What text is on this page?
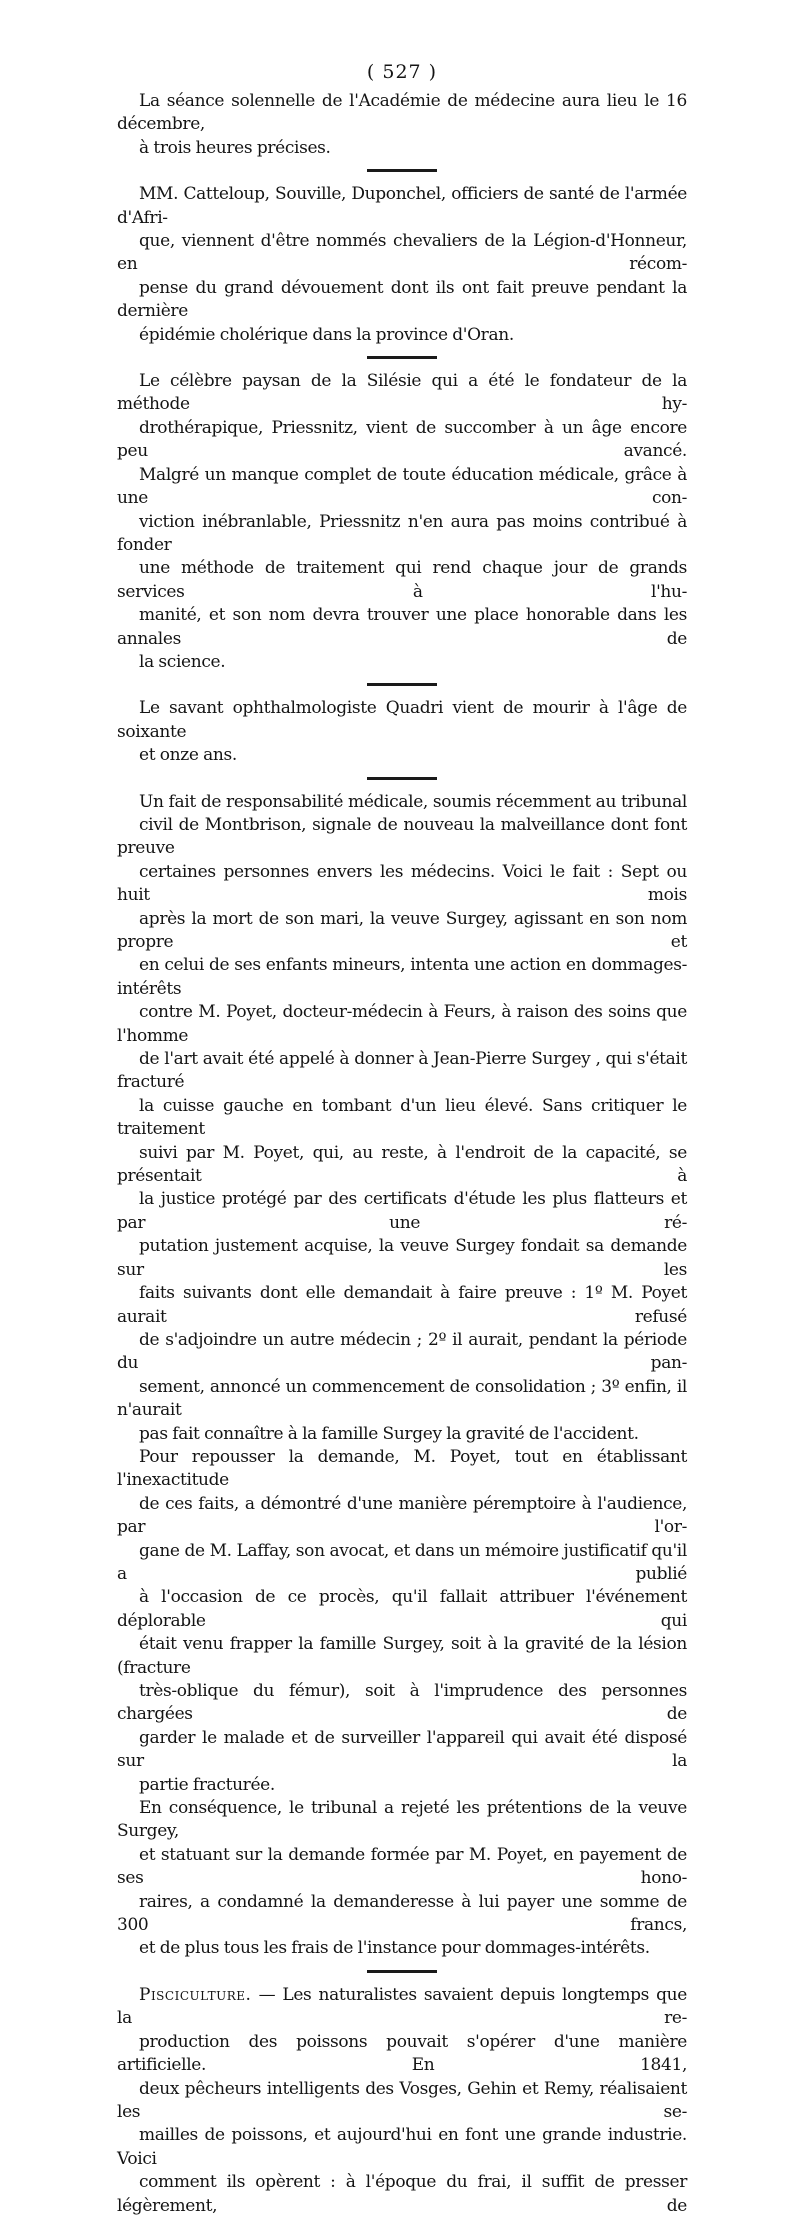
( 527 )

La séance solennelle de l'Académie de médecine aura lieu le 16 décembre,
à trois heures précises.

MM. Catteloup, Souville, Duponchel, officiers de santé de l'armée d'Afri-
que, viennent d'être nommés chevaliers de la Légion-d'Honneur, en récom-
pense du grand dévouement dont ils ont fait preuve pendant la dernière
épidémie cholérique dans la province d'Oran.

Le célèbre paysan de la Silésie qui a été le fondateur de la méthode hy-
drothérapique, Priessnitz, vient de succomber à un âge encore peu avancé.
Malgré un manque complet de toute éducation médicale, grâce à une con-
viction inébranlable, Priessnitz n'en aura pas moins contribué à fonder
une méthode de traitement qui rend chaque jour de grands services à l'hu-
manité, et son nom devra trouver une place honorable dans les annales de
la science.

Le savant ophthalmologiste Quadri vient de mourir à l'âge de soixante
et onze ans.

Un fait de responsabilité médicale, soumis récemment au tribunal
civil de Montbrison, signale de nouveau la malveillance dont font preuve
certaines personnes envers les médecins. Voici le fait : Sept ou huit mois
après la mort de son mari, la veuve Surgey, agissant en son nom propre et
en celui de ses enfants mineurs, intenta une action en dommages-intérêts
contre M. Poyet, docteur-médecin à Feurs, à raison des soins que l'homme
de l'art avait été appelé à donner à Jean-Pierre Surgey , qui s'était fracturé
la cuisse gauche en tombant d'un lieu élevé. Sans critiquer le traitement
suivi par M. Poyet, qui, au reste, à l'endroit de la capacité, se présentait à
la justice protégé par des certificats d'étude les plus flatteurs et par une ré-
putation justement acquise, la veuve Surgey fondait sa demande sur les
faits suivants dont elle demandait à faire preuve : 1º M. Poyet aurait refusé
de s'adjoindre un autre médecin ; 2º il aurait, pendant la période du pan-
sement, annoncé un commencement de consolidation ; 3º enfin, il n'aurait
pas fait connaître à la famille Surgey la gravité de l'accident.

Pour repousser la demande, M. Poyet, tout en établissant l'inexactitude
de ces faits, a démontré d'une manière péremptoire à l'audience, par l'or-
gane de M. Laffay, son avocat, et dans un mémoire justificatif qu'il a publié
à l'occasion de ce procès, qu'il fallait attribuer l'événement déplorable qui
était venu frapper la famille Surgey, soit à la gravité de la lésion (fracture
très-oblique du fémur), soit à l'imprudence des personnes chargées de
garder le malade et de surveiller l'appareil qui avait été disposé sur la
partie fracturée.

En conséquence, le tribunal a rejeté les prétentions de la veuve Surgey,
et statuant sur la demande formée par M. Poyet, en payement de ses hono-
raires, a condamné la demanderesse à lui payer une somme de 300 francs,
et de plus tous les frais de l'instance pour dommages-intérêts.

Pisciculture. — Les naturalistes savaient depuis longtemps que la re-
production des poissons pouvait s'opérer d'une manière artificielle. En 1841,
deux pêcheurs intelligents des Vosges, Gehin et Remy, réalisaient les se-
mailles de poissons, et aujourd'hui en font une grande industrie. Voici
comment ils opèrent : à l'époque du frai, il suffit de presser légèrement, de
